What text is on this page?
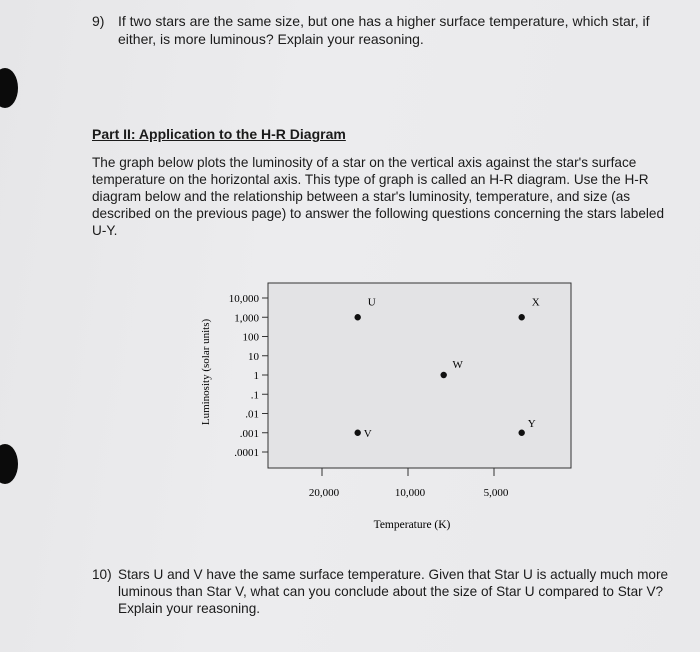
9) If two stars are the same size, but one has a higher surface temperature, which star, if either, is more luminous? Explain your reasoning.
Part II: Application to the H-R Diagram
The graph below plots the luminosity of a star on the vertical axis against the star's surface temperature on the horizontal axis. This type of graph is called an H-R diagram. Use the H-R diagram below and the relationship between a star's luminosity, temperature, and size (as described on the previous page) to answer the following questions concerning the stars labeled U-Y.
10,000
1,000
100
10
1
.1
.01
.001
.0001
20,000	10,000	5,000
U
V
W
X
Y
Luminosity (solar units)
Temperature (K)
10) Stars U and V have the same surface temperature. Given that Star U is actually much more luminous than Star V, what can you conclude about the size of Star U compared to Star V? Explain your reasoning.
